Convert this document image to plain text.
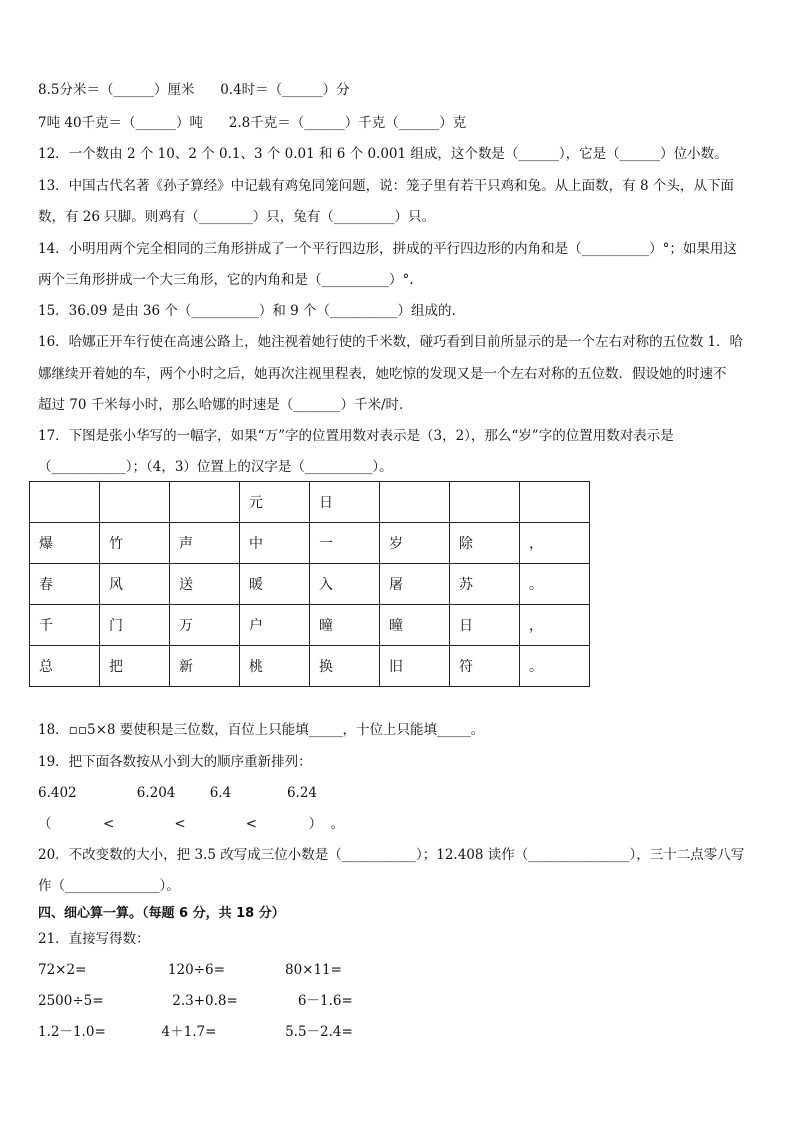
8.5分米＝（______）厘米      0.4时＝（______）分
7吨 40千克＝（______）吨      2.8千克＝（______）千克（______）克
12．一个数由 2 个 10、2 个 0.1、3 个 0.01 和 6 个 0.001 组成，这个数是（______），它是（______）位小数。
13．中国古代名著《孙子算经》中记载有鸡兔同笼问题，说：笼子里有若干只鸡和兔。从上面数，有 8 个头，从下面
数，有 26 只脚。则鸡有（________）只，兔有（_________）只。
14．小明用两个完全相同的三角形拼成了一个平行四边形，拼成的平行四边形的内角和是（__________）°；如果用这
两个三角形拼成一个大三角形，它的内角和是（__________）°.
15．36.09 是由 36 个（__________）和 9 个（__________）组成的.
16．哈娜正开车行使在高速公路上，她注视着她行使的千米数，碰巧看到目前所显示的是一个左右对称的五位数 1．哈
娜继续开着她的车，两个小时之后，她再次注视里程表，她吃惊的发现又是一个左右对称的五位数．假设她的时速不
超过 70 千米每小时，那么哈娜的时速是（_______）千米/时.
17．下图是张小华写的一幅字，如果“万”字的位置用数对表示是（3，2），那么“岁”字的位置用数对表示是
（___________）；（4，3）位置上的汉字是（__________）。
			元	日			
爆	竹	声	中	一	岁	除	，
春	风	送	暖	入	屠	苏	。
千	门	万	户	曈	曈	日	，
总	把	新	桃	换	旧	符	。
18．▫▫5×8 要使积是三位数，百位上只能填_____，十位上只能填_____。
19．把下面各数按从小到大的顺序重新排列：
6.402              6.204        6.4             6.24
（            <              <              <            ）  。
20．不改变数的大小，把 3.5 改写成三位小数是（___________）；12.408 读作（_______________），三十二点零八写
作（______________）。
四、细心算一算。（每题 6 分，共 18 分）
21．直接写得数：
72×2=                   120÷6=              80×11=
2500÷5=                2.3+0.8=              6－1.6=
1.2－1.0=             4＋1.7=                5.5－2.4=
